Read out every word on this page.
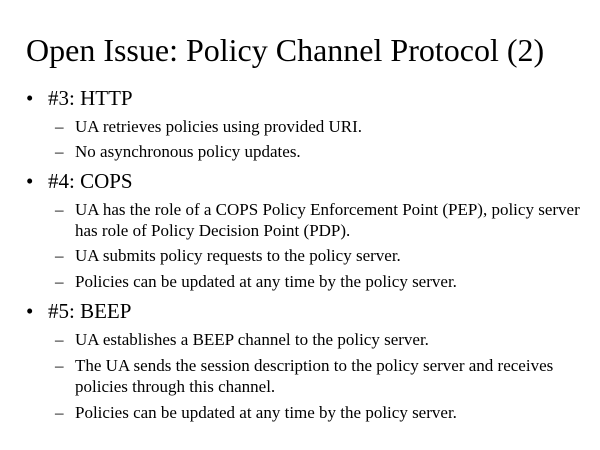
Open Issue: Policy Channel Protocol (2)
• #3: HTTP
– UA retrieves policies using provided URI.
– No asynchronous policy updates.
• #4: COPS
– UA has the role of a COPS Policy Enforcement Point (PEP), policy server has role of Policy Decision Point (PDP).
– UA submits policy requests to the policy server.
– Policies can be updated at any time by the policy server.
• #5: BEEP
– UA establishes a BEEP channel to the policy server.
– The UA sends the session description to the policy server and receives policies through this channel.
– Policies can be updated at any time by the policy server.
